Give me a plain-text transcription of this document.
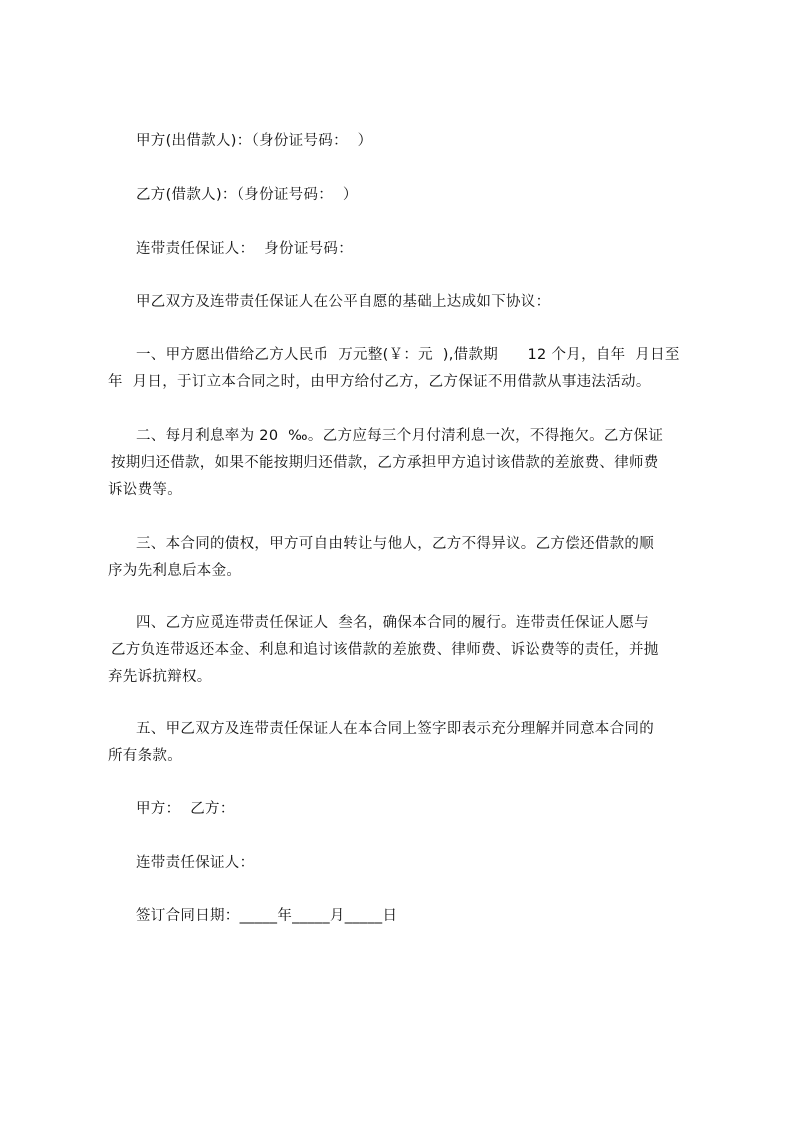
甲方(出借款人)：（身份证号码：  ）
乙方(借款人)：（身份证号码：  ）
连带责任保证人：  身份证号码：
甲乙双方及连带责任保证人在公平自愿的基础上达成如下协议：
一、甲方愿出借给乙方人民币  万元整(￥：元  ),借款期      12 个月，自年  月日至
年  月日，于订立本合同之时，由甲方给付乙方，乙方保证不用借款从事违法活动。
二、每月利息率为 20  ‰。乙方应每三个月付清利息一次，不得拖欠。乙方保证
按期归还借款，如果不能按期归还借款，乙方承担甲方追讨该借款的差旅费、律师费
诉讼费等。
三、本合同的债权，甲方可自由转让与他人，乙方不得异议。乙方偿还借款的顺
序为先利息后本金。
四、乙方应觅连带责任保证人  叁名，确保本合同的履行。连带责任保证人愿与
乙方负连带返还本金、利息和追讨该借款的差旅费、律师费、诉讼费等的责任，并抛
弃先诉抗辩权。
五、甲乙双方及连带责任保证人在本合同上签字即表示充分理解并同意本合同的
所有条款。
甲方：  乙方：
连带责任保证人：
签订合同日期：_____年_____月_____日
